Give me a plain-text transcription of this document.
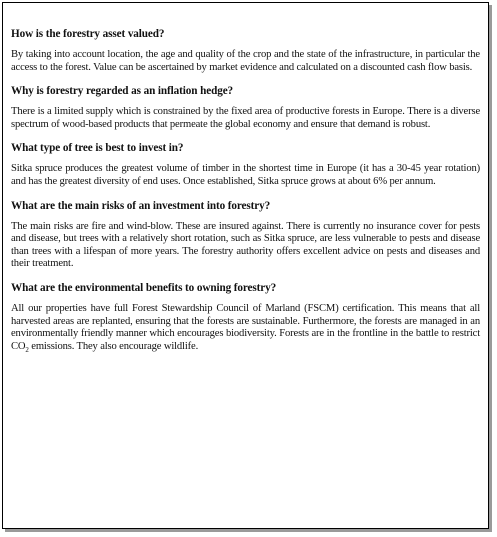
How is the forestry asset valued?

By taking into account location, the age and quality of the crop and the state of the infrastructure, in particular the access to the forest. Value can be ascertained by market evidence and calculated on a discounted cash flow basis.

Why is forestry regarded as an inflation hedge?

There is a limited supply which is constrained by the fixed area of productive forests in Europe. There is a diverse spectrum of wood-based products that permeate the global economy and ensure that demand is robust.

What type of tree is best to invest in?

Sitka spruce produces the greatest volume of timber in the shortest time in Europe (it has a 30-45 year rotation) and has the greatest diversity of end uses. Once established, Sitka spruce grows at about 6% per annum.

What are the main risks of an investment into forestry?

The main risks are fire and wind-blow. These are insured against. There is currently no insurance cover for pests and disease, but trees with a relatively short rotation, such as Sitka spruce, are less vulnerable to pests and disease than trees with a lifespan of more years. The forestry authority offers excellent advice on pests and diseases and their treatment.

What are the environmental benefits to owning forestry?

All our properties have full Forest Stewardship Council of Marland (FSCM) certification. This means that all harvested areas are replanted, ensuring that the forests are sustainable. Furthermore, the forests are managed in an environmentally friendly manner which encourages biodiversity. Forests are in the frontline in the battle to restrict $CO_2$ emissions. They also encourage wildlife.
